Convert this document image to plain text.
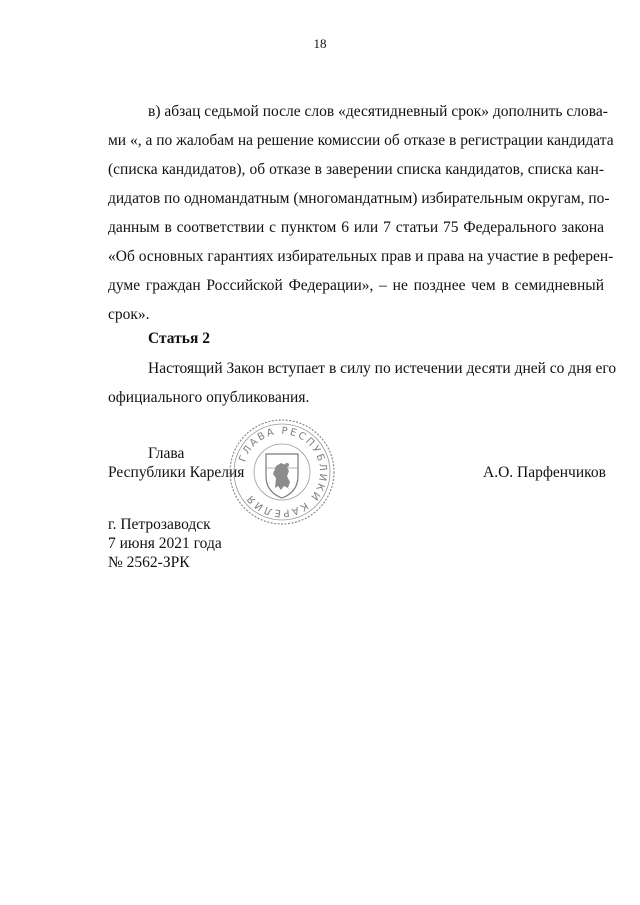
18
в) абзац седьмой после слов «десятидневный срок» дополнить слова-
ми «, а по жалобам на решение комиссии об отказе в регистрации кандидата
(списка кандидатов), об отказе в заверении списка кандидатов, списка кан-
дидатов по одномандатным (многомандатным) избирательным округам, по-
данным в соответствии с пунктом 6 или 7 статьи 75 Федерального закона
«Об основных гарантиях избирательных прав и права на участие в референ-
думе граждан Российской Федерации», – не позднее чем в семидневный
срок».
Статья 2
Настоящий Закон вступает в силу по истечении десяти дней со дня его
официального опубликования.
Глава
Республики Карелия	А.О. Парфенчиков
ГЛАВА РЕСПУБЛИКИ КАРЕЛИЯ
г. Петрозаводск
7 июня 2021 года
№ 2562-ЗРК
